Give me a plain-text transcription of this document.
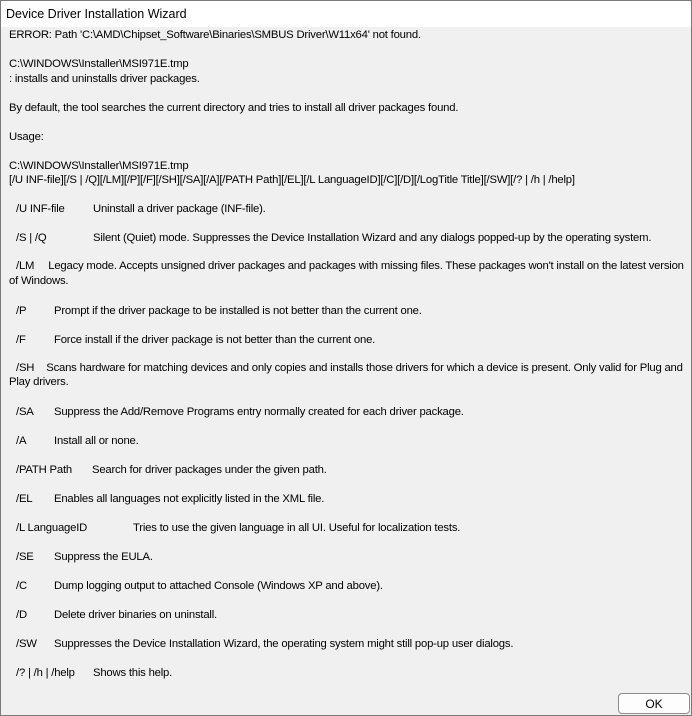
Device Driver Installation Wizard
ERROR: Path 'C:\AMD\Chipset_Software\Binaries\SMBUS Driver\W11x64' not found.
C:\WINDOWS\Installer\MSI971E.tmp
: installs and uninstalls driver packages.
By default, the tool searches the current directory and tries to install all driver packages found.
Usage:
C:\WINDOWS\Installer\MSI971E.tmp
[/U INF-file][/S | /Q][/LM][/P][/F][/SH][/SA][/A][/PATH Path][/EL][/L LanguageID][/C][/D][/LogTitle Title][/SW][/? | /h | /help]
/U INF-file	Uninstall a driver package (INF-file).
/S | /Q	Silent (Quiet) mode. Suppresses the Device Installation Wizard and any dialogs popped-up by the operating system.
/LM Legacy mode. Accepts unsigned driver packages and packages with missing files. These packages won't install on the latest version
of Windows.
/P Prompt if the driver package to be installed is not better than the current one.
/F	Force install if the driver package is not better than the current one.
/SH Scans hardware for matching devices and only copies and installs those drivers for which a device is present. Only valid for Plug and
Play drivers.
/SA Suppress the Add/Remove Programs entry normally created for each driver package.
/A Install all or none.
/PATH Path Search for driver packages under the given path.
/EL Enables all languages not explicitly listed in the XML file.
/L LanguageID	Tries to use the given language in all UI. Useful for localization tests.
/SE Suppress the EULA.
/C Dump logging output to attached Console (Windows XP and above).
/D Delete driver binaries on uninstall.
/SW Suppresses the Device Installation Wizard, the operating system might still pop-up user dialogs.
/? | /h | /help Shows this help.
OK
